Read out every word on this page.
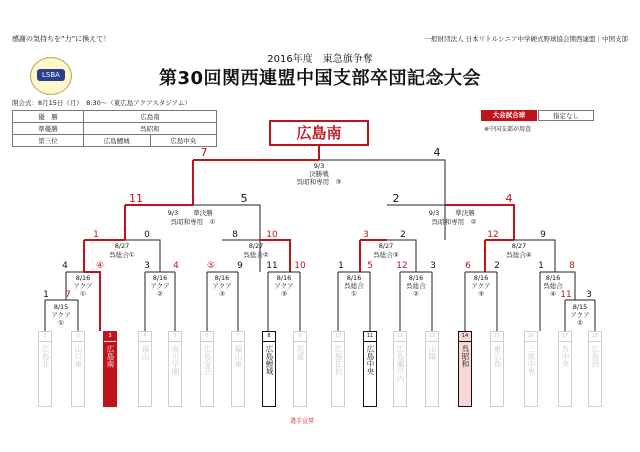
感謝の気持ちを”力”に換えて！	一般財団法人 日本リトルシニア中学硬式野球協会関西連盟｜中国支部
LSBA
2016年度　東急旗争奪
第30回関西連盟中国支部卒団記念大会
開会式：8月15日（月）　8:30～（東広島アクアスタジアム）
優　勝	広島南	
準優勝	呉昭和	
第三位	広島鯉城	広島中央
大会試合球	指定なし
※中国支部が用意
広島南
7	4
9/3
決勝戦
呉昭和専用　③
11	5
9/3	準決勝
呉昭和専用　①
2	4
9/3	準決勝
呉昭和専用　②
1	0
8/27
呉総合①
8	10
8/27
呉総合②
3	2
8/27
呉総合③
12	9
8/27
呉総合④
4	④
8/16
アクア
①
3	4
8/16
アクア
②
⑤	9
8/16
アクア
③
11	10
8/16
アクア
③
1	5
8/16
呉総合
①
12	3
8/16
呉総合
②
6	2
8/16
アクア
③
1	8
8/16
呉総合
④
1	7
8/15
アクア
①
11	3
8/15
アクア
②
1
広島北
2
山口東
3
広島南
4
福山
5
高川学園
6
広島安芸
7
福山東
8
広島鯉城
9
尾道
10
広島佐伯
11
広島中央
12
広島瀬戸内
13
山陽
14
呉昭和
15
東広島
16
三原中央
17
呉中央
18
広島西
選手宣誓
